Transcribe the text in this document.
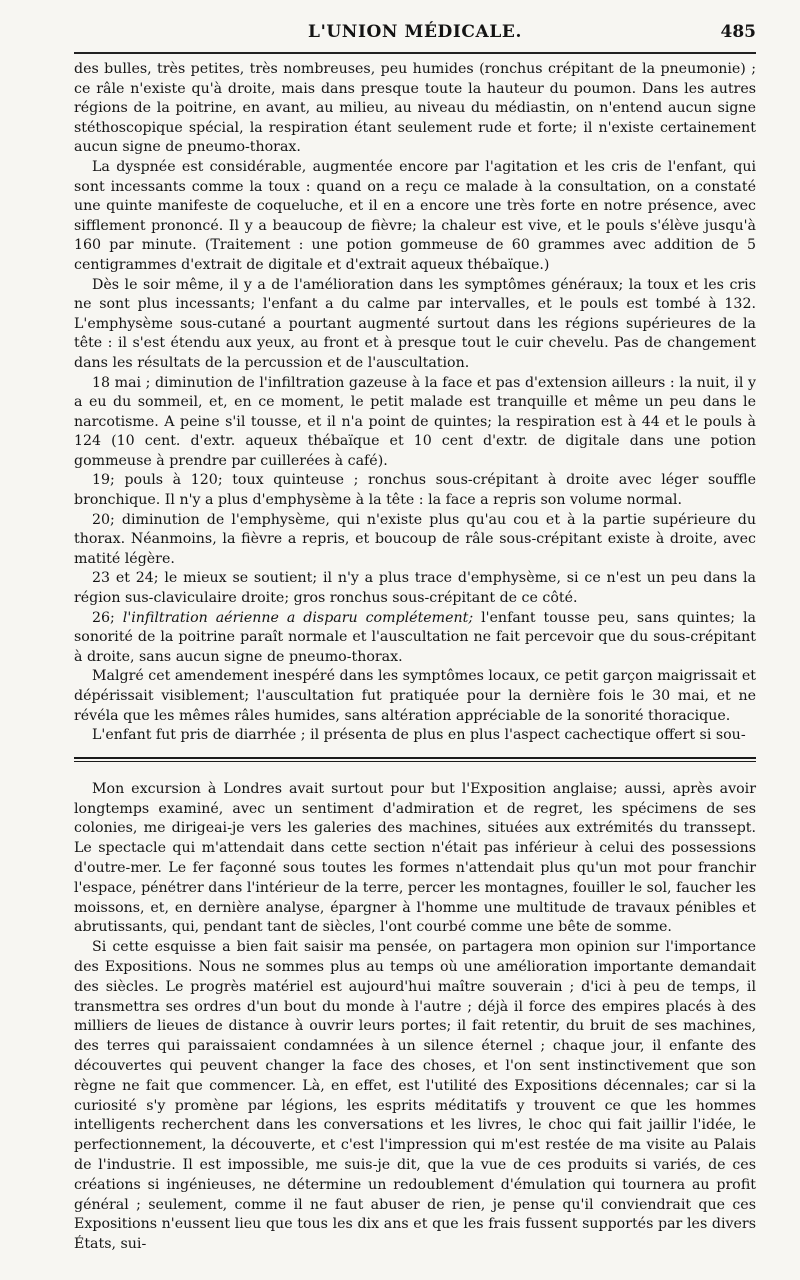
L'UNION MÉDICALE.	485

des bulles, très petites, très nombreuses, peu humides (ronchus crépitant de la pneumonie) ; ce râle n'existe qu'à droite, mais dans presque toute la hauteur du poumon. Dans les autres régions de la poitrine, en avant, au milieu, au niveau du médiastin, on n'entend aucun signe stéthoscopique spécial, la respiration étant seulement rude et forte; il n'existe certainement aucun signe de pneumo-thorax.

La dyspnée est considérable, augmentée encore par l'agitation et les cris de l'enfant, qui sont incessants comme la toux : quand on a reçu ce malade à la consultation, on a constaté une quinte manifeste de coqueluche, et il en a encore une très forte en notre présence, avec sifflement prononcé. Il y a beaucoup de fièvre; la chaleur est vive, et le pouls s'élève jusqu'à 160 par minute. (Traitement : une potion gommeuse de 60 grammes avec addition de 5 centigrammes d'extrait de digitale et d'extrait aqueux thébaïque.)

Dès le soir même, il y a de l'amélioration dans les symptômes généraux; la toux et les cris ne sont plus incessants; l'enfant a du calme par intervalles, et le pouls est tombé à 132. L'emphysème sous-cutané a pourtant augmenté surtout dans les régions supérieures de la tête : il s'est étendu aux yeux, au front et à presque tout le cuir chevelu. Pas de changement dans les résultats de la percussion et de l'auscultation.

18 mai ; diminution de l'infiltration gazeuse à la face et pas d'extension ailleurs : la nuit, il y a eu du sommeil, et, en ce moment, le petit malade est tranquille et même un peu dans le narcotisme. A peine s'il tousse, et il n'a point de quintes; la respiration est à 44 et le pouls à 124 (10 cent. d'extr. aqueux thébaïque et 10 cent d'extr. de digitale dans une potion gommeuse à prendre par cuillerées à café).

19; pouls à 120; toux quinteuse ; ronchus sous-crépitant à droite avec léger souffle bronchique. Il n'y a plus d'emphysème à la tête : la face a repris son volume normal.

20; diminution de l'emphysème, qui n'existe plus qu'au cou et à la partie supérieure du thorax. Néanmoins, la fièvre a repris, et boucoup de râle sous-crépitant existe à droite, avec matité légère.

23 et 24; le mieux se soutient; il n'y a plus trace d'emphysème, si ce n'est un peu dans la région sus-claviculaire droite; gros ronchus sous-crépitant de ce côté.

26; l'infiltration aérienne a disparu complétement; l'enfant tousse peu, sans quintes; la sonorité de la poitrine paraît normale et l'auscultation ne fait percevoir que du sous-crépitant à droite, sans aucun signe de pneumo-thorax.

Malgré cet amendement inespéré dans les symptômes locaux, ce petit garçon maigrissait et dépérissait visiblement; l'auscultation fut pratiquée pour la dernière fois le 30 mai, et ne révéla que les mêmes râles humides, sans altération appréciable de la sonorité thoracique.

L'enfant fut pris de diarrhée ; il présenta de plus en plus l'aspect cachectique offert si sou-

Mon excursion à Londres avait surtout pour but l'Exposition anglaise; aussi, après avoir longtemps examiné, avec un sentiment d'admiration et de regret, les spécimens de ses colonies, me dirigeai-je vers les galeries des machines, situées aux extrémités du transsept. Le spectacle qui m'attendait dans cette section n'était pas inférieur à celui des possessions d'outre-mer. Le fer façonné sous toutes les formes n'attendait plus qu'un mot pour franchir l'espace, pénétrer dans l'intérieur de la terre, percer les montagnes, fouiller le sol, faucher les moissons, et, en dernière analyse, épargner à l'homme une multitude de travaux pénibles et abrutissants, qui, pendant tant de siècles, l'ont courbé comme une bête de somme.

Si cette esquisse a bien fait saisir ma pensée, on partagera mon opinion sur l'importance des Expositions. Nous ne sommes plus au temps où une amélioration importante demandait des siècles. Le progrès matériel est aujourd'hui maître souverain ; d'ici à peu de temps, il transmettra ses ordres d'un bout du monde à l'autre ; déjà il force des empires placés à des milliers de lieues de distance à ouvrir leurs portes; il fait retentir, du bruit de ses machines, des terres qui paraissaient condamnées à un silence éternel ; chaque jour, il enfante des découvertes qui peuvent changer la face des choses, et l'on sent instinctivement que son règne ne fait que commencer. Là, en effet, est l'utilité des Expositions décennales; car si la curiosité s'y promène par légions, les esprits méditatifs y trouvent ce que les hommes intelligents recherchent dans les conversations et les livres, le choc qui fait jaillir l'idée, le perfectionnement, la découverte, et c'est l'impression qui m'est restée de ma visite au Palais de l'industrie. Il est impossible, me suis-je dit, que la vue de ces produits si variés, de ces créations si ingénieuses, ne détermine un redoublement d'émulation qui tournera au profit général ; seulement, comme il ne faut abuser de rien, je pense qu'il conviendrait que ces Expositions n'eussent lieu que tous les dix ans et que les frais fussent supportés par les divers États, sui-
